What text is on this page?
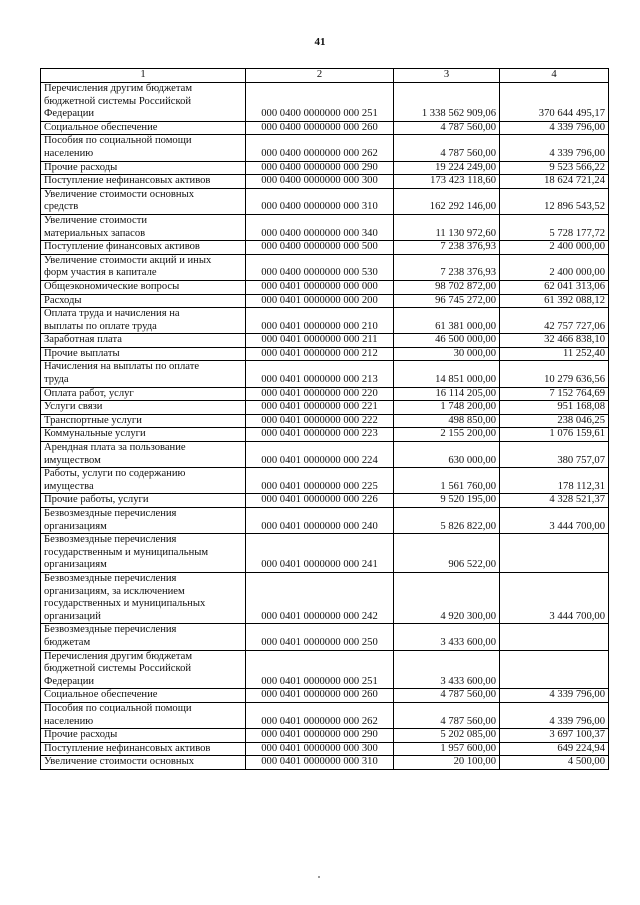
41
1	2	3	4
Перечисления другим бюджетам
бюджетной системы Российской
Федерации	000 0400 0000000 000 251	1 338 562 909,06	370 644 495,17
Социальное обеспечение	000 0400 0000000 000 260	4 787 560,00	4 339 796,00
Пособия по социальной помощи
населению	000 0400 0000000 000 262	4 787 560,00	4 339 796,00
Прочие расходы	000 0400 0000000 000 290	19 224 249,00	9 523 566,22
Поступление нефинансовых активов	000 0400 0000000 000 300	173 423 118,60	18 624 721,24
Увеличение стоимости основных
средств	000 0400 0000000 000 310	162 292 146,00	12 896 543,52
Увеличение стоимости
материальных запасов	000 0400 0000000 000 340	11 130 972,60	5 728 177,72
Поступление финансовых активов	000 0400 0000000 000 500	7 238 376,93	2 400 000,00
Увеличение стоимости акций и иных
форм участия в капитале	000 0400 0000000 000 530	7 238 376,93	2 400 000,00
Общеэкономические вопросы	000 0401 0000000 000 000	98 702 872,00	62 041 313,06
Расходы	000 0401 0000000 000 200	96 745 272,00	61 392 088,12
Оплата труда и начисления на
выплаты по оплате труда	000 0401 0000000 000 210	61 381 000,00	42 757 727,06
Заработная плата	000 0401 0000000 000 211	46 500 000,00	32 466 838,10
Прочие выплаты	000 0401 0000000 000 212	30 000,00	11 252,40
Начисления на выплаты по оплате
труда	000 0401 0000000 000 213	14 851 000,00	10 279 636,56
Оплата работ, услуг	000 0401 0000000 000 220	16 114 205,00	7 152 764,69
Услуги связи	000 0401 0000000 000 221	1 748 200,00	951 168,08
Транспортные услуги	000 0401 0000000 000 222	498 850,00	238 046,25
Коммунальные услуги	000 0401 0000000 000 223	2 155 200,00	1 076 159,61
Арендная плата за пользование
имуществом	000 0401 0000000 000 224	630 000,00	380 757,07
Работы, услуги по содержанию
имущества	000 0401 0000000 000 225	1 561 760,00	178 112,31
Прочие работы, услуги	000 0401 0000000 000 226	9 520 195,00	4 328 521,37
Безвозмездные перечисления
организациям	000 0401 0000000 000 240	5 826 822,00	3 444 700,00
Безвозмездные перечисления
государственным и муниципальным
организациям	000 0401 0000000 000 241	906 522,00	
Безвозмездные перечисления
организациям, за исключением
государственных и муниципальных
организаций	000 0401 0000000 000 242	4 920 300,00	3 444 700,00
Безвозмездные перечисления
бюджетам	000 0401 0000000 000 250	3 433 600,00	
Перечисления другим бюджетам
бюджетной системы Российской
Федерации	000 0401 0000000 000 251	3 433 600,00	
Социальное обеспечение	000 0401 0000000 000 260	4 787 560,00	4 339 796,00
Пособия по социальной помощи
населению	000 0401 0000000 000 262	4 787 560,00	4 339 796,00
Прочие расходы	000 0401 0000000 000 290	5 202 085,00	3 697 100,37
Поступление нефинансовых активов	000 0401 0000000 000 300	1 957 600,00	649 224,94
Увеличение стоимости основных	000 0401 0000000 000 310	20 100,00	4 500,00
